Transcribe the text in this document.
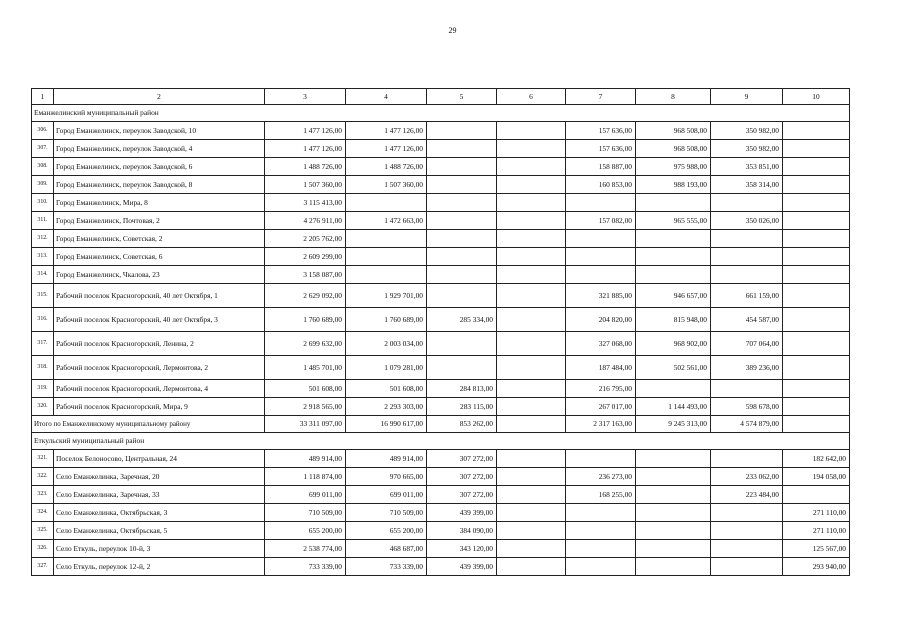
29
1	2	3	4	5	6	7	8	9	10
Еманжелинский муниципальный район									
306.	Город Еманжелинск, переулок Заводской, 10	1 477 126,00	1 477 126,00			157 636,00	968 508,00	350 982,00	
307.	Город Еманжелинск, переулок Заводской, 4	1 477 126,00	1 477 126,00			157 636,00	968 508,00	350 982,00	
308.	Город Еманжелинск, переулок Заводской, 6	1 488 726,00	1 488 726,00			158 887,00	975 988,00	353 851,00	
309.	Город Еманжелинск, переулок Заводской, 8	1 507 360,00	1 507 360,00			160 853,00	988 193,00	358 314,00	
310.	Город Еманжелинск, Мира, 8	3 115 413,00							
311.	Город Еманжелинск, Почтовая, 2	4 276 911,00	1 472 663,00			157 082,00	965 555,00	350 026,00	
312.	Город Еманжелинск, Советская, 2	2 205 762,00							
313.	Город Еманжелинск, Советская, 6	2 609 299,00							
314.	Город Еманжелинск, Чкалова, 23	3 158 087,00							
315.	Рабочий поселок Красногорский, 40 лет Октября, 1	2 629 092,00	1 929 701,00			321 885,00	946 657,00	661 159,00	
316.	Рабочий поселок Красногорский, 40 лет Октября, 3	1 760 689,00	1 760 689,00	285 334,00		204 820,00	815 948,00	454 587,00	
317.	Рабочий поселок Красногорский, Ленина, 2	2 699 632,00	2 003 034,00			327 068,00	968 902,00	707 064,00	
318.	Рабочий поселок Красногорский, Лермонтова, 2	1 485 701,00	1 079 281,00			187 484,00	502 561,00	389 236,00	
319.	Рабочий поселок Красногорский, Лермонтова, 4	501 608,00	501 608,00	284 813,00		216 795,00			
320.	Рабочий поселок Красногорский, Мира, 9	2 918 565,00	2 293 303,00	283 115,00		267 017,00	1 144 493,00	598 678,00	
Итого по Еманжелинскому муниципальному району		33 311 097,00	16 990 617,00	853 262,00		2 317 163,00	9 245 313,00	4 574 879,00	
Еткульский муниципальный район									
321.	Поселок Белоносово, Центральная, 24	489 914,00	489 914,00	307 272,00					182 642,00
322.	Село Еманжелинка, Заречная, 20	1 118 874,00	970 665,00	307 272,00		236 273,00		233 062,00	194 058,00
323.	Село Еманжелинка, Заречная, 33	699 011,00	699 011,00	307 272,00		168 255,00		223 484,00	
324.	Село Еманжелинка, Октябрьская, 3	710 509,00	710 509,00	439 399,00					271 110,00
325.	Село Еманжелинка, Октябрьская, 5	655 200,00	655 200,00	384 090,00					271 110,00
326.	Село Еткуль, переулок 10-й, 3	2 538 774,00	468 687,00	343 120,00					125 567,00
327.	Село Еткуль, переулок 12-й, 2	733 339,00	733 339,00	439 399,00					293 940,00
